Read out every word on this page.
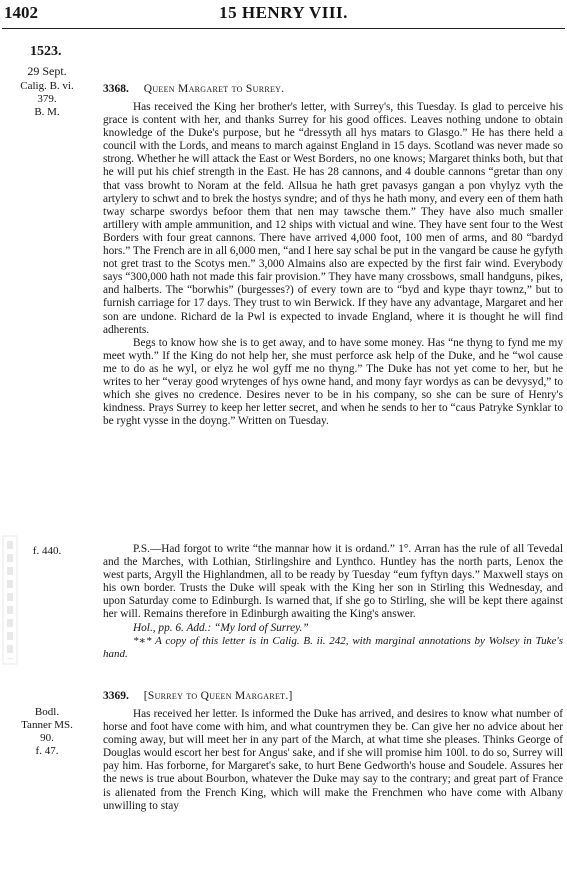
1402	15 HENRY VIII.
1523.
29 Sept.
Calig. B. vi.
379.
B. M.
3368. Queen Margaret to Surrey.

Has received the King her brother's letter, with Surrey's, this Tuesday. Is glad to perceive his grace is content with her, and thanks Surrey for his good offices. Leaves nothing undone to obtain knowledge of the Duke's purpose, but he “dressyth all hys matars to Glasgo.” He has there held a council with the Lords, and means to march against England in 15 days. Scotland was never made so strong. Whether he will attack the East or West Borders, no one knows; Margaret thinks both, but that he will put his chief strength in the East. He has 28 cannons, and 4 double cannons “gretar than ony that vass browht to Noram at the feld. Allsua he hath gret pavasys gangan a pon vhylyz vyth the artylery to schwt and to brek the hostys syndre; and of thys he hath mony, and every een of them hath tway scharpe swordys befoor them that nen may tawsche them.” They have also much smaller artillery with ample ammunition, and 12 ships with victual and wine. They have sent four to the West Borders with four great cannons. There have arrived 4,000 foot, 100 men of arms, and 80 “bardyd hors.” The French are in all 6,000 men, “and I here say schal be put in the vangard be cause he gyfyth not gret trast to the Scotys men.” 3,000 Almains also are expected by the first fair wind. Everybody says “300,000 hath not made this fair provision.” They have many crossbows, small handguns, pikes, and halberts. The “borwhis” (burgesses?) of every town are to “byd and kype thayr townz,” but to furnish carriage for 17 days. They trust to win Berwick. If they have any advantage, Margaret and her son are undone. Richard de la Pwl is expected to invade England, where it is thought he will find adherents.

Begs to know how she is to get away, and to have some money. Has “ne thyng to fynd me my meet wyth.” If the King do not help her, she must perforce ask help of the Duke, and he “wol cause me to do as he wyl, or elyz he wol gyff me no thyng.” The Duke has not yet come to her, but he writes to her “veray good wrytenges of hys owne hand, and mony fayr wordys as can be devysyd,” to which she gives no credence. Desires never to be in his company, so she can be sure of Henry's kindness. Prays Surrey to keep her letter secret, and when he sends to her to “caus Patryke Synklar to be ryght vysse in the doyng.” Written on Tuesday.

f. 440.	P.S.—Had forgot to write “the mannar how it is ordand.” 1°. Arran has the rule of all Tevedal and the Marches, with Lothian, Stirlingshire and Lynthco. Huntley has the north parts, Lenox the west parts, Argyll the Highlandmen, all to be ready by Tuesday “eum fyftyn days.” Maxwell stays on his own border. Trusts the Duke will speak with the King her son in Stirling this Wednesday, and upon Saturday come to Edinburgh. Is warned that, if she go to Stirling, she will be kept there against her will. Remains therefore in Edinburgh awaiting the King's answer.

Hol., pp. 6. Add.: “My lord of Surrey.”

*∗* A copy of this letter is in Calig. B. ii. 242, with marginal annotations by Wolsey in Tuke's hand.

Bodl.
Tanner MS.
90.
f. 47.
3369. [Surrey to Queen Margaret.]

Has received her letter. Is informed the Duke has arrived, and desires to know what number of horse and foot have come with him, and what countrymen they be. Can give her no advice about her coming away, but will meet her in any part of the March, at what time she pleases. Thinks George of Douglas would escort her best for Angus' sake, and if she will promise him 100l. to do so, Surrey will pay him. Has forborne, for Margaret's sake, to hurt Bene Gedworth's house and Soudele. Assures her the news is true about Bourbon, whatever the Duke may say to the contrary; and great part of France is alienated from the French King, which will make the Frenchmen who have come with Albany unwilling to stay
